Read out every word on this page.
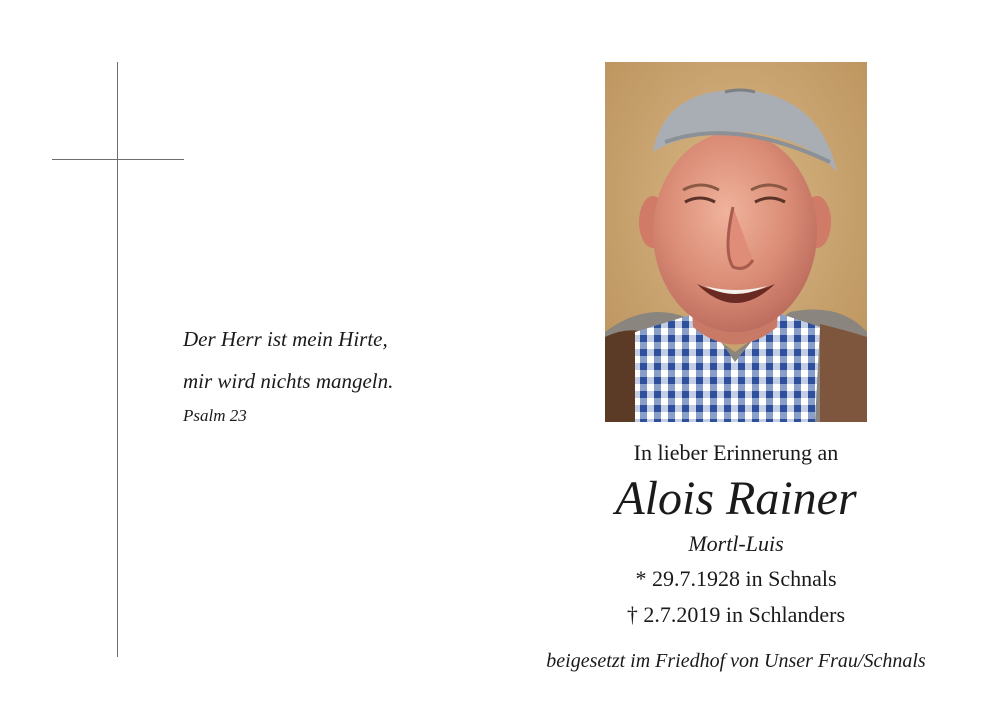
Der Herr ist mein Hirte,
mir wird nichts mangeln.
Psalm 23
In lieber Erinnerung an
Alois Rainer
Mortl-Luis
* 29.7.1928 in Schnals
† 2.7.2019 in Schlanders
beigesetzt im Friedhof von Unser Frau/Schnals
